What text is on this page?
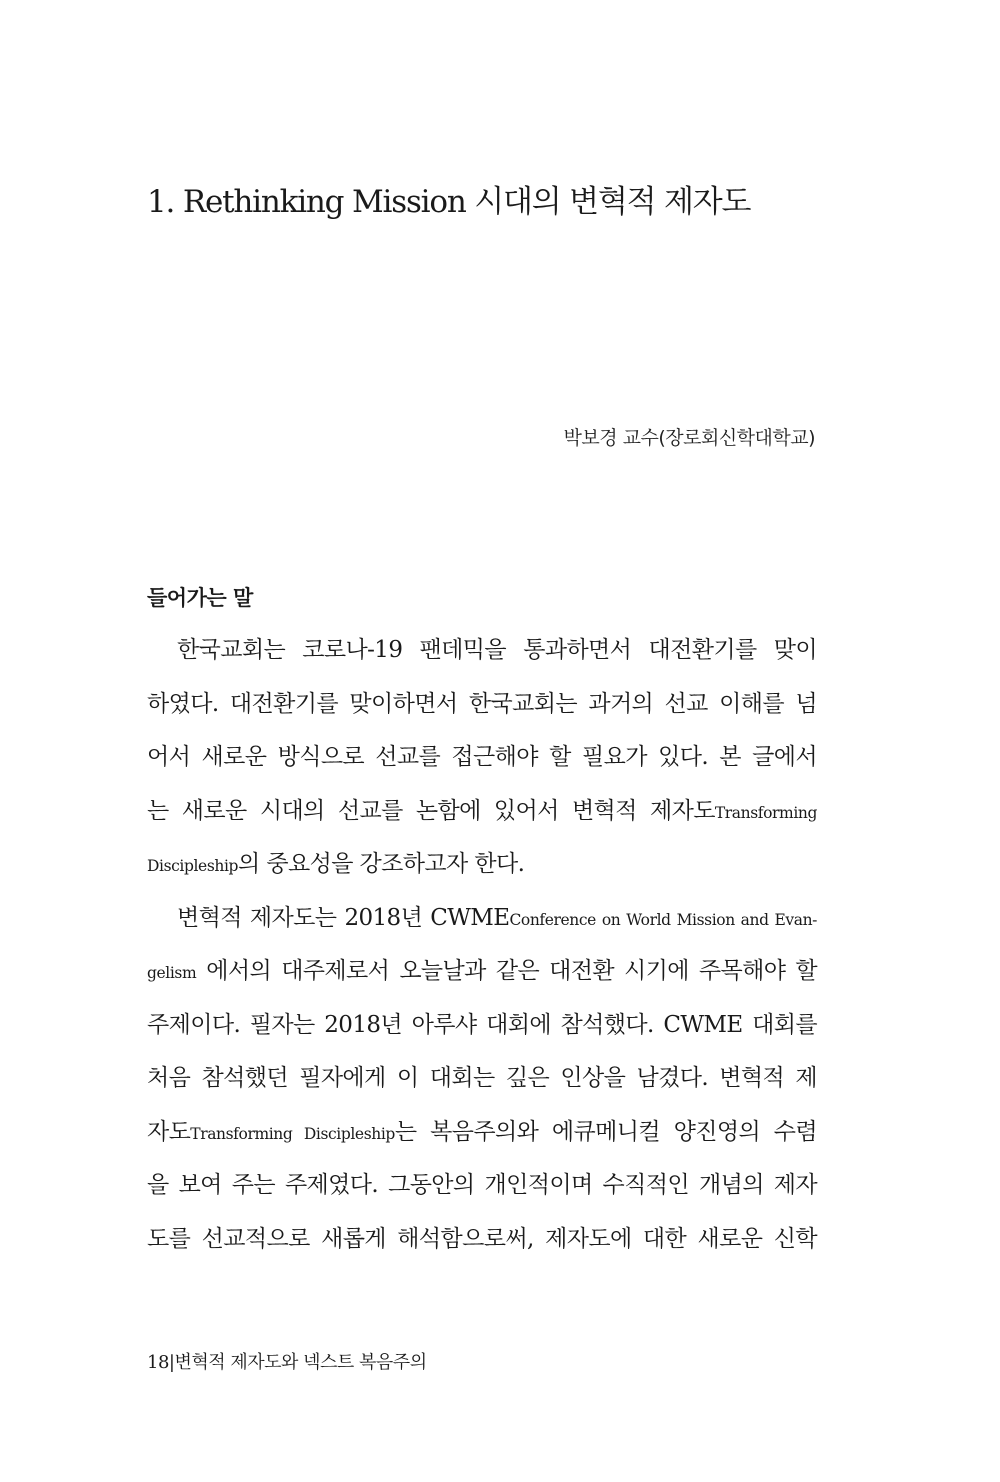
1. Rethinking Mission 시대의 변혁적 제자도

박보경 교수(장로회신학대학교)

들어가는 말
한국교회는 코로나-19 팬데믹을 통과하면서 대전환기를 맞이
하였다. 대전환기를 맞이하면서 한국교회는 과거의 선교 이해를 넘
어서 새로운 방식으로 선교를 접근해야 할 필요가 있다. 본 글에서
는 새로운 시대의 선교를 논함에 있어서 변혁적 제자도Transforming
Discipleship의 중요성을 강조하고자 한다.
변혁적 제자도는 2018년 CWMEConference on World Mission and Evan-
gelism 에서의 대주제로서 오늘날과 같은 대전환 시기에 주목해야 할
주제이다. 필자는 2018년 아루샤 대회에 참석했다. CWME 대회를
처음 참석했던 필자에게 이 대회는 깊은 인상을 남겼다. 변혁적 제
자도Transforming Discipleship는 복음주의와 에큐메니컬 양진영의 수렴
을 보여 주는 주제였다. 그동안의 개인적이며 수직적인 개념의 제자
도를 선교적으로 새롭게 해석함으로써, 제자도에 대한 새로운 신학

18|변혁적 제자도와 넥스트 복음주의
